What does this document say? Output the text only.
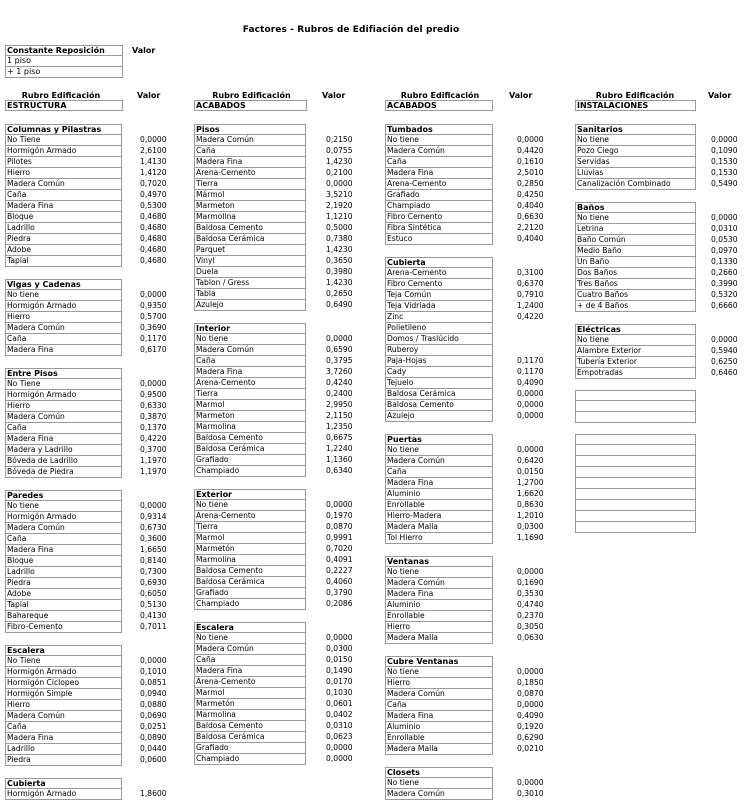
Factores - Rubros de Edifiación del predio
Constante Reposición
1 piso
+ 1 piso
Valor
Rubro Edificación	Valor
ESTRUCTURA
Columnas y Pilastras
No Tiene	0,0000
Hormigón Armado	2,6100
Pilotes	1,4130
Hierro	1,4120
Madera Común	0,7020
Caña	0,4970
Madera Fina	0,5300
Bloque	0,4680
Ladrillo	0,4680
Piedra	0,4680
Adobe	0,4680
Tapial	0,4680
Vigas y Cadenas
No tiene	0,0000
Hormigón Armado	0,9350
Hierro	0,5700
Madera Común	0,3690
Caña	0,1170
Madera Fina	0,6170
Entre Pisos
No Tiene	0,0000
Hormigón Armado	0,9500
Hierro	0,6330
Madera Común	0,3870
Caña	0,1370
Madera Fina	0,4220
Madera y Ladrillo	0,3700
Bóveda de Ladrillo	1,1970
Bóveda de Piedra	1,1970
Paredes
No tiene	0,0000
Hormigón Armado	0,9314
Madera Común	0,6730
Caña	0,3600
Madera Fina	1,6650
Bloque	0,8140
Ladrillo	0,7300
Piedra	0,6930
Adobe	0,6050
Tapial	0,5130
Bahareque	0,4130
Fibro-Cemento	0,7011
Escalera
No Tiene	0,0000
Hormigón Armado	0,1010
Hormigón Ciclopeo	0,0851
Hormigón Simple	0,0940
Hierro	0,0880
Madera Común	0,0690
Caña	0,0251
Madera Fina	0,0890
Ladrillo	0,0440
Piedra	0,0600
Cubierta
Hormigón Armado	1,8600
Rubro Edificación	Valor
ACABADOS
Pisos
Madera Común	0,2150
Caña	0,0755
Madera Fina	1,4230
Arena-Cemento	0,2100
Tierra	0,0000
Mármol	3,5210
Marmeton	2,1920
Marmolina	1,1210
Baldosa Cemento	0,5000
Baldosa Cerámica	0,7380
Parquet	1,4230
Vinyl	0,3650
Duela	0,3980
Tablon / Gress	1,4230
Tabla	0,2650
Azulejo	0,6490
Interior
No tiene	0,0000
Madera Común	0,6590
Caña	0,3795
Madera Fina	3,7260
Arena-Cemento	0,4240
Tierra	0,2400
Marmol	2,9950
Marmeton	2,1150
Marmolina	1,2350
Baldosa Cemento	0,6675
Baldosa Cerámica	1,2240
Grafiado	1,1360
Champiado	0,6340
Exterior
No tiene	0,0000
Arena-Cemento	0,1970
Tierra	0,0870
Marmol	0,9991
Marmetón	0,7020
Marmolina	0,4091
Baldosa Cemento	0,2227
Baldosa Cerámica	0,4060
Grafiado	0,3790
Champiado	0,2086
Escalera
No tiene	0,0000
Madera Común	0,0300
Caña	0,0150
Madera Fina	0,1490
Arena-Cemento	0,0170
Marmol	0,1030
Marmetón	0,0601
Marmolina	0,0402
Baldosa Cemento	0,0310
Baldosa Cerámica	0,0623
Grafiado	0,0000
Champiado	0,0000
Rubro Edificación	Valor
ACABADOS
Tumbados
No tiene	0,0000
Madera Común	0,4420
Caña	0,1610
Madera Fina	2,5010
Arena-Cemento	0,2850
Grafiado	0,4250
Champiado	0,4040
Fibro Cemento	0,6630
Fibra Sintética	2,2120
Estuco	0,4040
Cubierta
Arena-Cemento	0,3100
Fibro Cemento	0,6370
Teja Común	0,7910
Teja Vidriada	1,2400
Zinc	0,4220
Polietileno
Domos / Traslúcido
Ruberoy
Paja-Hojas	0,1170
Cady	0,1170
Tejuelo	0,4090
Baldosa Cerámica	0,0000
Baldosa Cemento	0,0000
Azulejo	0,0000
Puertas
No tiene	0,0000
Madera Común	0,6420
Caña	0,0150
Madera Fina	1,2700
Aluminio	1,6620
Enrollable	0,8630
Hierro-Madera	1,2010
Madera Malla	0,0300
Tol Hierro	1,1690
Ventanas
No tiene	0,0000
Madera Común	0,1690
Madera Fina	0,3530
Aluminio	0,4740
Enrollable	0,2370
Hierro	0,3050
Madera Malla	0,0630
Cubre Ventanas
No tiene	0,0000
Hierro	0,1850
Madera Común	0,0870
Caña	0,0000
Madera Fina	0,4090
Aluminio	0,1920
Enrollable	0,6290
Madera Malla	0,0210
Closets
No tiene	0,0000
Madera Común	0,3010
Rubro Edificación	Valor
INSTALACIONES
Sanitarios
No tiene	0,0000
Pozo Ciego	0,1090
Servidas	0,1530
Lluvias	0,1530
Canalización Combinado	0,5490
Baños
No tiene	0,0000
Letrina	0,0310
Baño Común	0,0530
Medio Baño	0,0970
Un Baño	0,1330
Dos Baños	0,2660
Tres Baños	0,3990
Cuatro Baños	0,5320
+ de 4 Baños	0,6660
Eléctricas
No tiene	0,0000
Alambre Exterior	0,5940
Tubería Exterior	0,6250
Empotradas	0,6460
